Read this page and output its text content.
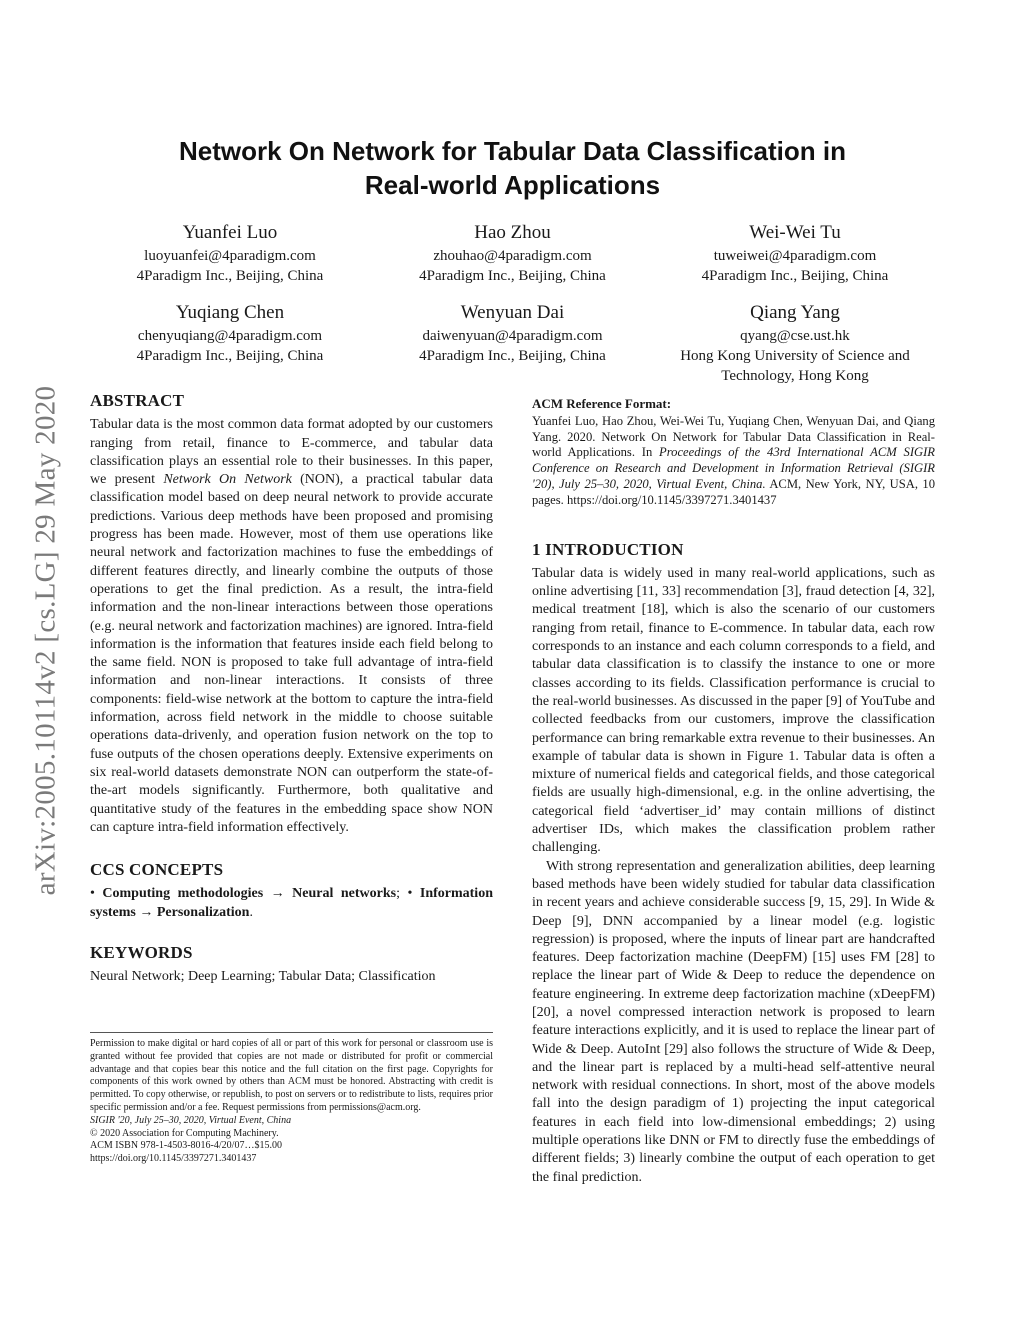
arXiv:2005.10114v2 [cs.LG] 29 May 2020
Network On Network for Tabular Data Classification in
Real-world Applications
Yuanfei Luo
luoyuanfei@4paradigm.com
4Paradigm Inc., Beijing, China
Hao Zhou
zhouhao@4paradigm.com
4Paradigm Inc., Beijing, China
Wei-Wei Tu
tuweiwei@4paradigm.com
4Paradigm Inc., Beijing, China
Yuqiang Chen
chenyuqiang@4paradigm.com
4Paradigm Inc., Beijing, China
Wenyuan Dai
daiwenyuan@4paradigm.com
4Paradigm Inc., Beijing, China
Qiang Yang
qyang@cse.ust.hk
Hong Kong University of Science and Technology, Hong Kong
ABSTRACT

Tabular data is the most common data format adopted by our customers ranging from retail, finance to E-commerce, and tabular data classification plays an essential role to their businesses. In this paper, we present Network On Network (NON), a practical tabular data classification model based on deep neural network to provide accurate predictions. Various deep methods have been proposed and promising progress has been made. However, most of them use operations like neural network and factorization machines to fuse the embeddings of different features directly, and linearly combine the outputs of those operations to get the final prediction. As a result, the intra-field information and the non-linear interactions between those operations (e.g. neural network and factorization machines) are ignored. Intra-field information is the information that features inside each field belong to the same field. NON is proposed to take full advantage of intra-field information and non-linear interactions. It consists of three components: field-wise network at the bottom to capture the intra-field information, across field network in the middle to choose suitable operations data-drivenly, and operation fusion network on the top to fuse outputs of the chosen operations deeply. Extensive experiments on six real-world datasets demonstrate NON can outperform the state-of-the-art models significantly. Furthermore, both qualitative and quantitative study of the features in the embedding space show NON can capture intra-field information effectively.

CCS CONCEPTS

• Computing methodologies → Neural networks; • Information systems → Personalization.

KEYWORDS

Neural Network; Deep Learning; Tabular Data; Classification

Permission to make digital or hard copies of all or part of this work for personal or classroom use is granted without fee provided that copies are not made or distributed for profit or commercial advantage and that copies bear this notice and the full citation on the first page. Copyrights for components of this work owned by others than ACM must be honored. Abstracting with credit is permitted. To copy otherwise, or republish, to post on servers or to redistribute to lists, requires prior specific permission and/or a fee. Request permissions from permissions@acm.org.
SIGIR '20, July 25–30, 2020, Virtual Event, China
© 2020 Association for Computing Machinery.
ACM ISBN 978-1-4503-8016-4/20/07…$15.00
https://doi.org/10.1145/3397271.3401437
ACM Reference Format:

Yuanfei Luo, Hao Zhou, Wei-Wei Tu, Yuqiang Chen, Wenyuan Dai, and Qiang Yang. 2020. Network On Network for Tabular Data Classification in Real-world Applications. In Proceedings of the 43rd International ACM SIGIR Conference on Research and Development in Information Retrieval (SIGIR '20), July 25–30, 2020, Virtual Event, China. ACM, New York, NY, USA, 10 pages. https://doi.org/10.1145/3397271.3401437

1 INTRODUCTION

Tabular data is widely used in many real-world applications, such as online advertising [11, 33] recommendation [3], fraud detection [4, 32], medical treatment [18], which is also the scenario of our customers ranging from retail, finance to E-commence. In tabular data, each row corresponds to an instance and each column corresponds to a field, and tabular data classification is to classify the instance to one or more classes according to its fields. Classification performance is crucial to the real-world businesses. As discussed in the paper [9] of YouTube and collected feedbacks from our customers, improve the classification performance can bring remarkable extra revenue to their businesses. An example of tabular data is shown in Figure 1. Tabular data is often a mixture of numerical fields and categorical fields, and those categorical fields are usually high-dimensional, e.g. in the online advertising, the categorical field ‘advertiser_id’ may contain millions of distinct advertiser IDs, which makes the classification problem rather challenging.

With strong representation and generalization abilities, deep learning based methods have been widely studied for tabular data classification in recent years and achieve considerable success [9, 15, 29]. In Wide & Deep [9], DNN accompanied by a linear model (e.g. logistic regression) is proposed, where the inputs of linear part are handcrafted features. Deep factorization machine (DeepFM) [15] uses FM [28] to replace the linear part of Wide & Deep to reduce the dependence on feature engineering. In extreme deep factorization machine (xDeepFM) [20], a novel compressed interaction network is proposed to learn feature interactions explicitly, and it is used to replace the linear part of Wide & Deep. AutoInt [29] also follows the structure of Wide & Deep, and the linear part is replaced by a multi-head self-attentive neural network with residual connections. In short, most of the above models fall into the design paradigm of 1) projecting the input categorical features in each field into low-dimensional embeddings; 2) using multiple operations like DNN or FM to directly fuse the embeddings of different fields; 3) linearly combine the output of each operation to get the final prediction.
